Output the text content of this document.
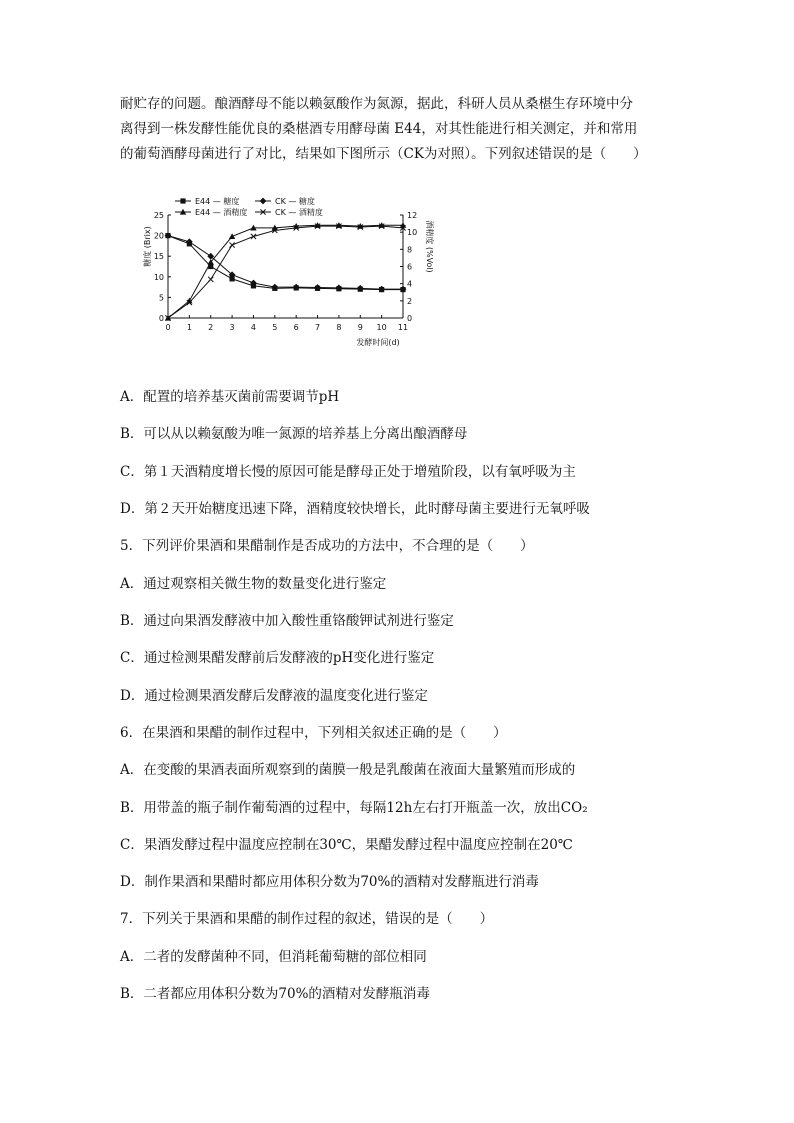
耐贮存的问题。酿酒酵母不能以赖氨酸作为氮源，据此，科研人员从桑椹生存环境中分

离得到一株发酵性能优良的桑椹酒专用酵母菌 E44，对其性能进行相关测定，并和常用

的葡萄酒酵母菌进行了对比，结果如下图所示（CK为对照）。下列叙述错误的是（　　）

0
5
10
15
20
25
0
2
4
6
8
10
12
0 1 2 3 4 5 6 7 8 9 10 11
发酵时间(d)
糖度 (Brix)	酒精度 (%Vol)
E44 — 糖度	CK — 糖度
E44 — 酒精度	CK — 酒精度
A．配置的培养基灭菌前需要调节pH
B．可以从以赖氨酸为唯一氮源的培养基上分离出酿酒酵母
C．第１天酒精度增长慢的原因可能是酵母正处于增殖阶段，以有氧呼吸为主
D．第２天开始糖度迅速下降，酒精度较快增长，此时酵母菌主要进行无氧呼吸
5．下列评价果酒和果醋制作是否成功的方法中，不合理的是（　　）
A．通过观察相关微生物的数量变化进行鉴定
B．通过向果酒发酵液中加入酸性重铬酸钾试剂进行鉴定
C．通过检测果醋发酵前后发酵液的pH变化进行鉴定
D．通过检测果酒发酵后发酵液的温度变化进行鉴定
6．在果酒和果醋的制作过程中，下列相关叙述正确的是（　　）
A．在变酸的果酒表面所观察到的菌膜一般是乳酸菌在液面大量繁殖而形成的
B．用带盖的瓶子制作葡萄酒的过程中，每隔12h左右打开瓶盖一次，放出CO₂
C．果酒发酵过程中温度应控制在30℃，果醋发酵过程中温度应控制在20℃
D．制作果酒和果醋时都应用体积分数为70%的酒精对发酵瓶进行消毒
7．下列关于果酒和果醋的制作过程的叙述，错误的是（　　）
A．二者的发酵菌种不同，但消耗葡萄糖的部位相同
B．二者都应用体积分数为70%的酒精对发酵瓶消毒
